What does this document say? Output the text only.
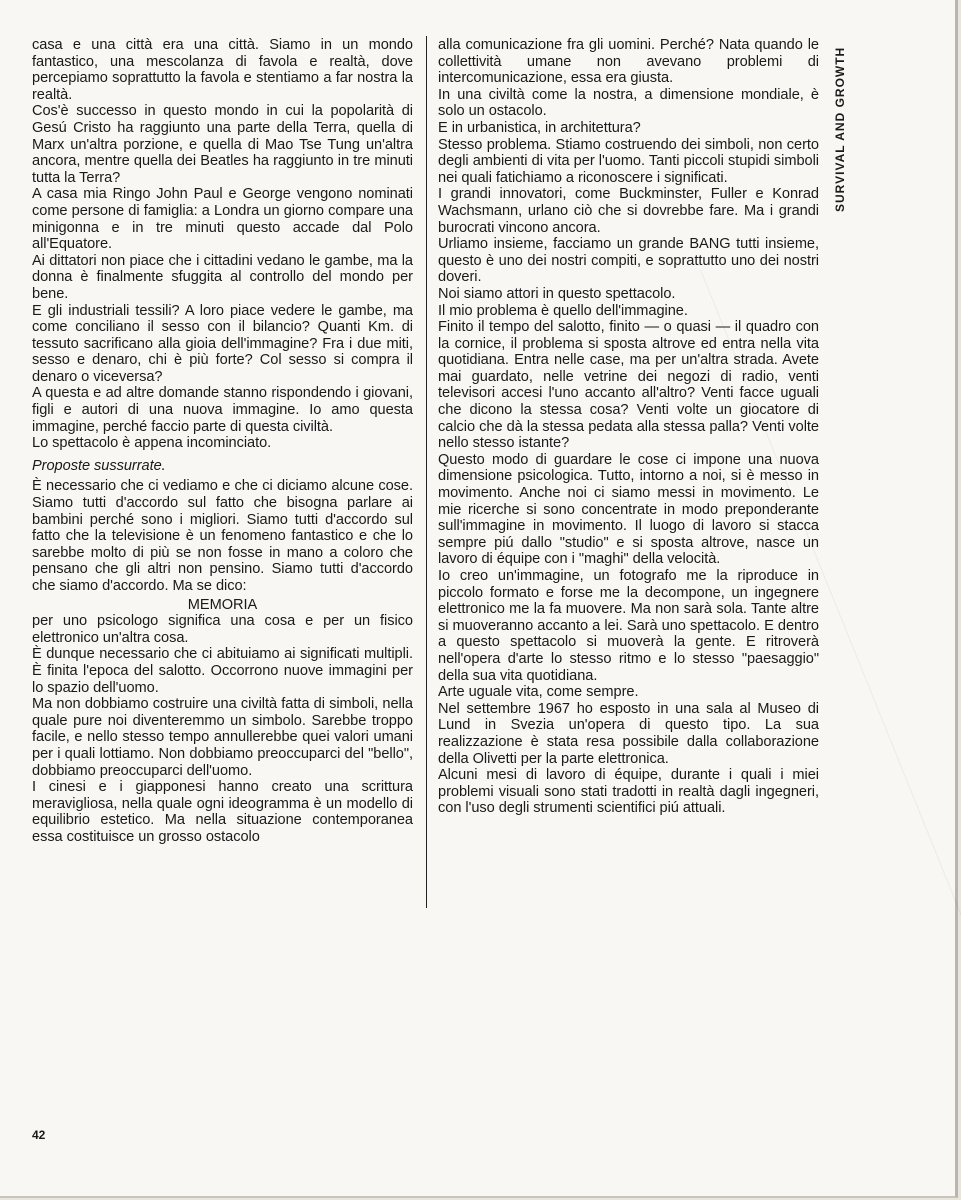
casa e una città era una città. Siamo in un mondo fantastico, una mescolanza di favola e realtà, dove percepiamo soprattutto la favola e stentiamo a far nostra la realtà.

Cos'è successo in questo mondo in cui la popolarità di Gesú Cristo ha raggiunto una parte della Terra, quella di Marx un'altra porzione, e quella di Mao Tse Tung un'altra ancora, mentre quella dei Beatles ha raggiunto in tre minuti tutta la Terra?

A casa mia Ringo John Paul e George vengono nominati come persone di famiglia: a Londra un giorno compare una minigonna e in tre minuti questo accade dal Polo all'Equatore.

Ai dittatori non piace che i cittadini vedano le gambe, ma la donna è finalmente sfuggita al controllo del mondo per bene.

E gli industriali tessili? A loro piace vedere le gambe, ma come conciliano il sesso con il bilancio? Quanti Km. di tessuto sacrificano alla gioia dell'immagine? Fra i due miti, sesso e denaro, chi è più forte? Col sesso si compra il denaro o viceversa?

A questa e ad altre domande stanno rispondendo i giovani, figli e autori di una nuova immagine. Io amo questa immagine, perché faccio parte di questa civiltà.

Lo spettacolo è appena incominciato.

Proposte sussurrate.

È necessario che ci vediamo e che ci diciamo alcune cose. Siamo tutti d'accordo sul fatto che bisogna parlare ai bambini perché sono i migliori. Siamo tutti d'accordo sul fatto che la televisione è un fenomeno fantastico e che lo sarebbe molto di più se non fosse in mano a coloro che pensano che gli altri non pensino. Siamo tutti d'accordo che siamo d'accordo. Ma se dico:

MEMORIA

per uno psicologo significa una cosa e per un fisico elettronico un'altra cosa.

È dunque necessario che ci abituiamo ai significati multipli. È finita l'epoca del salotto. Occorrono nuove immagini per lo spazio dell'uomo.

Ma non dobbiamo costruire una civiltà fatta di simboli, nella quale pure noi diventeremmo un simbolo. Sarebbe troppo facile, e nello stesso tempo annullerebbe quei valori umani per i quali lottiamo. Non dobbiamo preoccuparci del "bello", dobbiamo preoccuparci dell'uomo.

I cinesi e i giapponesi hanno creato una scrittura meravigliosa, nella quale ogni ideogramma è un modello di equilibrio estetico. Ma nella situazione contemporanea essa costituisce un grosso ostacolo

alla comunicazione fra gli uomini. Perché? Nata quando le collettività umane non avevano problemi di intercomunicazione, essa era giusta.

In una civiltà come la nostra, a dimensione mondiale, è solo un ostacolo.

E in urbanistica, in architettura?

Stesso problema. Stiamo costruendo dei simboli, non certo degli ambienti di vita per l'uomo. Tanti piccoli stupidi simboli nei quali fatichiamo a riconoscere i significati.

I grandi innovatori, come Buckminster, Fuller e Konrad Wachsmann, urlano ciò che si dovrebbe fare. Ma i grandi burocrati vincono ancora.

Urliamo insieme, facciamo un grande BANG tutti insieme, questo è uno dei nostri compiti, e soprattutto uno dei nostri doveri.

Noi siamo attori in questo spettacolo.

Il mio problema è quello dell'immagine.

Finito il tempo del salotto, finito — o quasi — il quadro con la cornice, il problema si sposta altrove ed entra nella vita quotidiana. Entra nelle case, ma per un'altra strada. Avete mai guardato, nelle vetrine dei negozi di radio, venti televisori accesi l'uno accanto all'altro? Venti facce uguali che dicono la stessa cosa? Venti volte un giocatore di calcio che dà la stessa pedata alla stessa palla? Venti volte nello stesso istante?

Questo modo di guardare le cose ci impone una nuova dimensione psicologica. Tutto, intorno a noi, si è messo in movimento. Anche noi ci siamo messi in movimento. Le mie ricerche si sono concentrate in modo preponderante sull'immagine in movimento. Il luogo di lavoro si stacca sempre piú dallo "studio" e si sposta altrove, nasce un lavoro di équipe con i "maghi" della velocità.

Io creo un'immagine, un fotografo me la riproduce in piccolo formato e forse me la decompone, un ingegnere elettronico me la fa muovere. Ma non sarà sola. Tante altre si muoveranno accanto a lei. Sarà uno spettacolo. E dentro a questo spettacolo si muoverà la gente. E ritroverà nell'opera d'arte lo stesso ritmo e lo stesso "paesaggio" della sua vita quotidiana.

Arte uguale vita, come sempre.

Nel settembre 1967 ho esposto in una sala al Museo di Lund in Svezia un'opera di questo tipo. La sua realizzazione è stata resa possibile dalla collaborazione della Olivetti per la parte elettronica.

Alcuni mesi di lavoro di équipe, durante i quali i miei problemi visuali sono stati tradotti in realtà dagli ingegneri, con l'uso degli strumenti scientifici piú attuali.

SURVIVAL AND GROWTH
42
